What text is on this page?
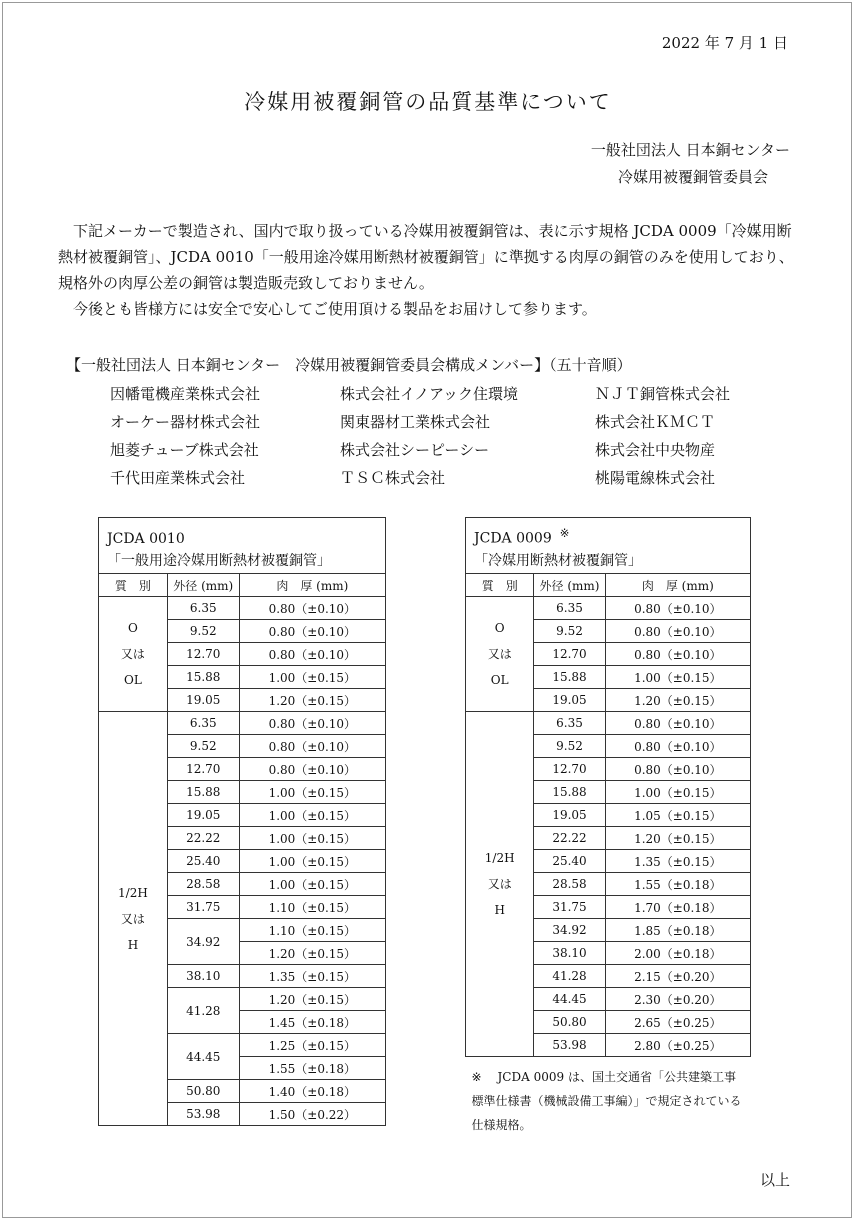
2022 年 7 月 1 日
冷媒用被覆銅管の品質基準について
一般社団法人 日本銅センター
冷媒用被覆銅管委員会
　下記メーカーで製造され、国内で取り扱っている冷媒用被覆銅管は、表に示す規格 JCDA 0009「冷媒用断熱材被覆銅管」、JCDA 0010「一般用途冷媒用断熱材被覆銅管」に準拠する肉厚の銅管のみを使用しており、規格外の肉厚公差の銅管は製造販売致しておりません。
　今後とも皆様方には安全で安心してご使用頂ける製品をお届けして参ります。
【一般社団法人 日本銅センター　冷媒用被覆銅管委員会構成メンバー】（五十音順）
因幡電機産業株式会社	株式会社イノアック住環境	ＮＪＴ銅管株式会社
オーケー器材株式会社	関東器材工業株式会社	株式会社ＫＭＣＴ
旭菱チューブ株式会社	株式会社シーピーシー	株式会社中央物産
千代田産業株式会社	ＴＳＣ株式会社	桃陽電線株式会社
JCDA 0010		
「一般用途冷媒用断熱材被覆銅管」		
質　別	外径 (mm)	肉　厚 (mm)

O
又は
OL	6.35	0.80（±0.10）
	9.52	0.80（±0.10）
	12.70	0.80（±0.10）
	15.88	1.00（±0.15）
	19.05	1.20（±0.15）

1/2H
又は
H	6.35	0.80（±0.10）
	9.52	0.80（±0.10）
	12.70	0.80（±0.10）
	15.88	1.00（±0.15）
	19.05	1.00（±0.15）
	22.22	1.00（±0.15）
	25.40	1.00（±0.15）
	28.58	1.00（±0.15）
	31.75	1.10（±0.15）
	34.92	1.10（±0.15）
		1.20（±0.15）
	38.10	1.35（±0.15）
	41.28	1.20（±0.15）
		1.45（±0.18）
	44.45	1.25（±0.15）
		1.55（±0.18）
	50.80	1.40（±0.18）
	53.98	1.50（±0.22）
JCDA 0009 ※
「冷媒用断熱材被覆銅管」		
質　別	外径 (mm)	肉　厚 (mm)

O
又は
OL	6.35	0.80（±0.10）
	9.52	0.80（±0.10）
	12.70	0.80（±0.10）
	15.88	1.00（±0.15）
	19.05	1.20（±0.15）

1/2H
又は
H	6.35	0.80（±0.10）
	9.52	0.80（±0.10）
	12.70	0.80（±0.10）
	15.88	1.00（±0.15）
	19.05	1.05（±0.15）
	22.22	1.20（±0.15）
	25.40	1.35（±0.15）
	28.58	1.55（±0.18）
	31.75	1.70（±0.18）
	34.92	1.85（±0.18）
	38.10	2.00（±0.18）
	41.28	2.15（±0.20）
	44.45	2.30（±0.20）
	50.80	2.65（±0.25）
	53.98	2.80（±0.25）
※ JCDA 0009 は、国土交通省「公共建築工事標準仕様書（機械設備工事編）」で規定されている仕様規格。		
以上
